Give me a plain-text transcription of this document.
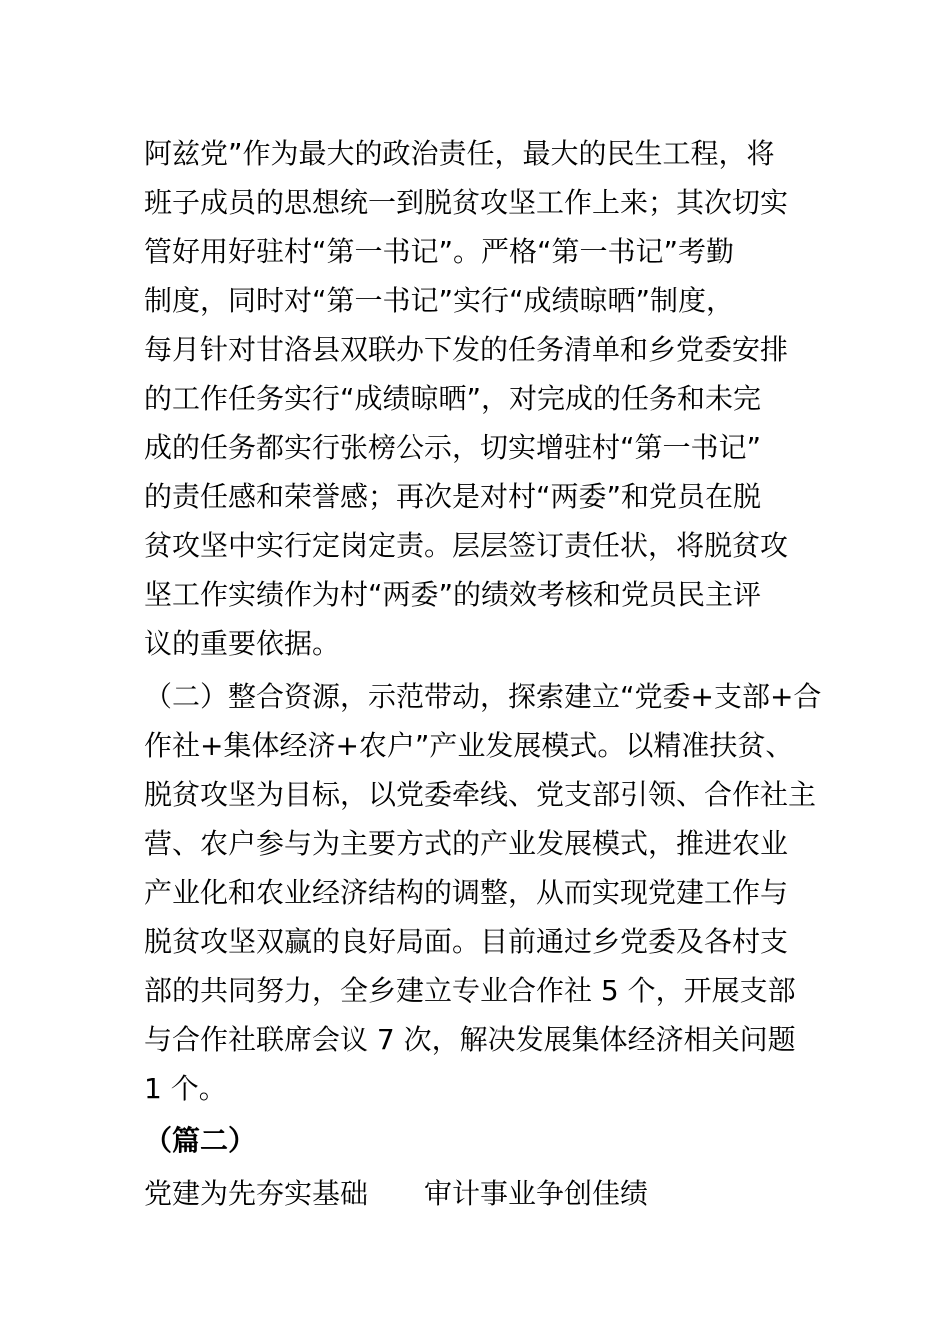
阿兹党”作为最大的政治责任，最大的民生工程，将
班子成员的思想统一到脱贫攻坚工作上来；其次切实
管好用好驻村“第一书记”。严格“第一书记”考勤
制度，同时对“第一书记”实行“成绩晾晒”制度，
每月针对甘洛县双联办下发的任务清单和乡党委安排
的工作任务实行“成绩晾晒”，对完成的任务和未完
成的任务都实行张榜公示，切实增驻村“第一书记”
的责任感和荣誉感；再次是对村“两委”和党员在脱
贫攻坚中实行定岗定责。层层签订责任状，将脱贫攻
坚工作实绩作为村“两委”的绩效考核和党员民主评
议的重要依据。
（二）整合资源，示范带动，探索建立“党委+支部+合
作社+集体经济+农户”产业发展模式。以精准扶贫、
脱贫攻坚为目标，以党委牵线、党支部引领、合作社主
营、农户参与为主要方式的产业发展模式，推进农业
产业化和农业经济结构的调整，从而实现党建工作与
脱贫攻坚双赢的良好局面。目前通过乡党委及各村支
部的共同努力，全乡建立专业合作社 5 个，开展支部
与合作社联席会议 7 次，解决发展集体经济相关问题
1 个。
（篇二）
党建为先夯实基础　　审计事业争创佳绩
